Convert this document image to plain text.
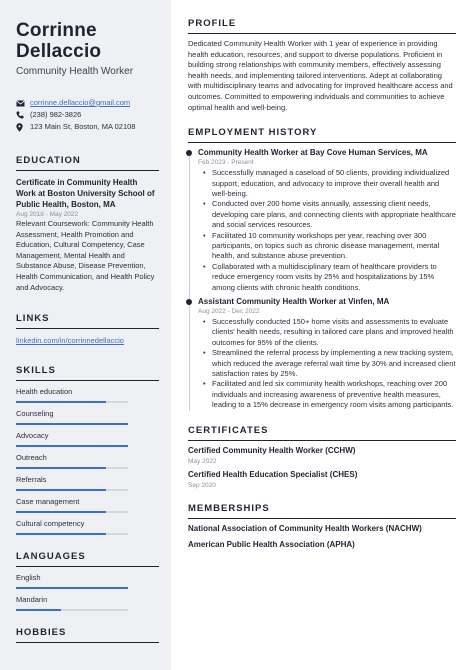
Corrinne
Dellaccio
Community Health Worker
corrinne.dellaccio@gmail.com
(238) 982-3826
123 Main St, Boston, MA 02108
EDUCATION
Certificate in Community Health Work at Boston University School of Public Health, Boston, MA
Aug 2018 - May 2022
Relevant Coursework: Community Health Assessment, Health Promotion and Education, Cultural Competency, Case Management, Mental Health and Substance Abuse, Disease Prevention, Health Communication, and Health Policy and Advocacy.
LINKS
linkedin.com/in/corrinnedellaccio
SKILLS
Health education
Counseling
Advocacy
Outreach
Referrals
Case management
Cultural competency
LANGUAGES
English
Mandarin
HOBBIES
PROFILE
Dedicated Community Health Worker with 1 year of experience in providing health education, resources, and support to diverse populations. Proficient in building strong relationships with community members, effectively assessing health needs, and implementing tailored interventions. Adept at collaborating with multidisciplinary teams and advocating for improved healthcare access and outcomes. Committed to empowering individuals and communities to achieve optimal health and well-being.
EMPLOYMENT HISTORY
Community Health Worker at Bay Cove Human Services, MA
Feb 2023 - Present
• Successfully managed a caseload of 50 clients, providing individualized support, education, and advocacy to improve their overall health and well-being.
• Conducted over 200 home visits annually, assessing client needs, developing care plans, and connecting clients with appropriate healthcare and social services resources.
• Facilitated 10 community workshops per year, reaching over 300 participants, on topics such as chronic disease management, mental health, and substance abuse prevention.
• Collaborated with a multidisciplinary team of healthcare providers to reduce emergency room visits by 25% and hospitalizations by 15% among clients with chronic health conditions.
Assistant Community Health Worker at Vinfen, MA
Aug 2022 - Dec 2022
• Successfully conducted 150+ home visits and assessments to evaluate clients' health needs, resulting in tailored care plans and improved health outcomes for 95% of the clients.
• Streamlined the referral process by implementing a new tracking system, which reduced the average referral wait time by 30% and increased client satisfaction rates by 25%.
• Facilitated and led six community health workshops, reaching over 200 individuals and increasing awareness of preventive health measures, leading to a 15% decrease in emergency room visits among participants.
CERTIFICATES
Certified Community Health Worker (CCHW)
May 2022
Certified Health Education Specialist (CHES)
Sep 2020
MEMBERSHIPS
National Association of Community Health Workers (NACHW)
American Public Health Association (APHA)
